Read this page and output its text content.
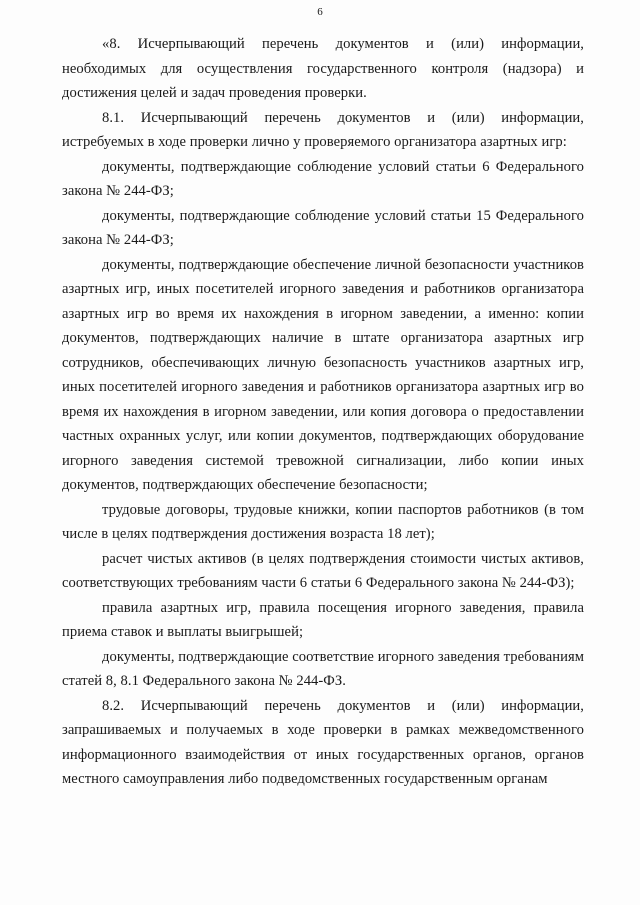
6

«8. Исчерпывающий перечень документов и (или) информации, необходимых для осуществления государственного контроля (надзора) и достижения целей и задач проведения проверки.

8.1. Исчерпывающий перечень документов и (или) информации, истребуемых в ходе проверки лично у проверяемого организатора азартных игр:

документы, подтверждающие соблюдение условий статьи 6 Федерального закона № 244-ФЗ;

документы, подтверждающие соблюдение условий статьи 15 Федерального закона № 244-ФЗ;

документы, подтверждающие обеспечение личной безопасности участников азартных игр, иных посетителей игорного заведения и работников организатора азартных игр во время их нахождения в игорном заведении, а именно: копии документов, подтверждающих наличие в штате организатора азартных игр сотрудников, обеспечивающих личную безопасность участников азартных игр, иных посетителей игорного заведения и работников организатора азартных игр во время их нахождения в игорном заведении, или копия договора о предоставлении частных охранных услуг, или копии документов, подтверждающих оборудование игорного заведения системой тревожной сигнализации, либо копии иных документов, подтверждающих обеспечение безопасности;

трудовые договоры, трудовые книжки, копии паспортов работников (в том числе в целях подтверждения достижения возраста 18 лет);

расчет чистых активов (в целях подтверждения стоимости чистых активов, соответствующих требованиям части 6 статьи 6 Федерального закона № 244-ФЗ);

правила азартных игр, правила посещения игорного заведения, правила приема ставок и выплаты выигрышей;

документы, подтверждающие соответствие игорного заведения требованиям статей 8, 8.1 Федерального закона № 244-ФЗ.

8.2. Исчерпывающий перечень документов и (или) информации, запрашиваемых и получаемых в ходе проверки в рамках межведомственного информационного взаимодействия от иных государственных органов, органов местного самоуправления либо подведомственных государственным органам
